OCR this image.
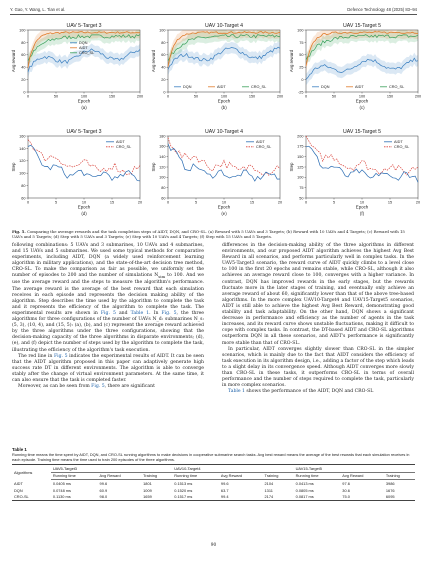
Y. Gao, Y. Wang, L. Tian et al.	Defence Technology 48 (2025) 83–94
UAV 5-Target 3
100
80
60
40
20
0
0	50	100	150	200
Epoch
Avg reward
(a)
DQN
AIDT
CRO_SL
UAV 10-Target 4
100
80
60
40
20
0
0	50	100	150	200
Epoch
Avg reward
(b)
DQN	AIDT	CRO_SL
UAV 15-Target 5
100
75
50
25
0
-25
0	50	100	150	200
Epoch
Avg reward
(c)
DQN	AIDT	CRO_SL
UAV 5-Target 3
160
140
120
100
80
60
0	5	10	15	20
Epoch
Step
(d)
AIDT
CRO_SL
UAV 10-Target 4
180
160
140
120
100
80
60
0	5	10	15	20
Epoch
Step
(e)
AIDT
CRO_SL
UAV 15-Target 5
200
175
150
125
100
75
50
0	5	10	15	20
Epoch
Step
(f)
AIDT
CRO_SL
Fig. 5. Comparing the average rewards and the task completion steps of AIDT, DQN, and CRO-SL. (a) Reward with 5 UAVs and 3 Targets; (b) Reward with 10 UAVs and 4 Targets; (c) Reward with 15 UAVs and 5 Targets; (d) Step with 5 UAVs and 3 Targets; (e) Step with 10 UAVs and 4 Targets; (f) Step with 15 UAVs and 5 Targets.

following combinations: 5 UAVs and 3 submarines, 10 UAVs and 4 submarines, and 15 UAVs and 5 submarines. We used some typical methods for comparative experiments, including AIDT, DQN (a widely used reinforcement learning algorithm in military applications), and the state-of-the-art decision tree method, CRO-SL. To make the comparison as fair as possible, we uniformly set the number of episodes to 200 and the number of simulations $N_{sim}$ to 100. And we use the average reward and the steps to measure the algorithm's performance. The average reward is the average of the best reward that each simulation receives in each episode and represents the decision making ability of the algorithm. Step describes the time used by the algorithm to complete the task and it represents the efficiency of the algorithm to complete the task. The experimental results are shown in Fig. 5 and Table 1. In Fig. 5, the three algorithms for three configurations of the number of UAVs N_d: submarines N_s: (5, 3), (10, 4), and (15, 5): (a), (b), and (c) represent the average reward achieved by the three algorithms under the three configurations, showing that the decision-making capacity of the three algorithms in disparate environments; (d), (e), and (f) depict the number of steps used by the algorithm to complete the task, illustrating the efficiency of the algorithm's task execution.

The red line in Fig. 5 indicates the experimental results of AIDT. It can be seen that the AIDT algorithm proposed in this paper can adaptively generate high success rate DT in different environments. The algorithm is able to converge stably after the change of virtual environment parameters. At the same time, it can also ensure that the task is completed faster.

Moreover, as can be seen from Fig. 5, there are significant

differences in the decision-making ability of the three algorithms in different environments, and our proposed AIDT algorithm achieves the highest Avg Best Reward in all scenarios, and performs particularly well in complex tasks. In the UAV5-Target3 scenario, the reward curve of AIDT quickly climbs to a level close to 100 in the first 20 epochs and remains stable, while CRO-SL, although it also achieves an average reward close to 100, converges with a higher variance. In contrast, DQN has improved rewards in the early stages, but the rewards fluctuate more in the later stages of training, and eventually only achieve an average reward of about 60, significantly lower than that of the above tree-based algorithms. In the more complex UAV10-Target4 and UAV15-Target5 scenarios, AIDT is still able to achieve the highest Avg Best Reward, demonstrating good stability and task adaptability. On the other hand, DQN shows a significant decrease in performance and efficiency as the number of agents in the task increases, and its reward curve shows unstable fluctuations, making it difficult to cope with complex tasks. In contrast, the DT-based AIDT and CRO-SL algorithms outperform DQN in all these scenarios, and AIDT's performance is significantly more stable than that of CRO-SL.

In particular, AIDT converges slightly slower than CRO-SL in the simpler scenarios, which is mainly due to the fact that AIDT considers the efficiency of task execution in its algorithm design, i.e., adding a factor of the step which leads to a slight delay in its convergence speed. Although AIDT converges more slowly than CRO-SL in these tasks, it outperforms CRO-SL in terms of overall performance and the number of steps required to complete the task, particularly in more complex scenarios.

Table 1 shows the performance of the AIDT, DQN and CRO-SL

Table 1
Running time means the time spent by AIDT, DQN, and CRO-SL running algorithms to make decisions in cooperative submarine search tasks. Avg best reward means the average of the best rewards that each simulation receives in each episode. Training time means the time used to train 200 episodes of the three algorithms.
Algorithms	UAV5-Target3			UAV10-Target4			UAV15-Target5		
	Running time	Avg Reward	Training	Running time	Avg Reward	Training	Running time	Avg Reward	Training
AIDT	0.0405 ms	99.6	1801	0.1513 ms	99.6	2104	0.0413 ms	97.6	3986
DQN	0.0748 ms	60.9	1009	0.1520 ms	63.7	1311	0.0805 ms	30.6	1676
CRO-SL	0.1130 ms	98.0	1659	0.1517 ms	99.4	2174	0.0817 ms	75.0	6095
90
